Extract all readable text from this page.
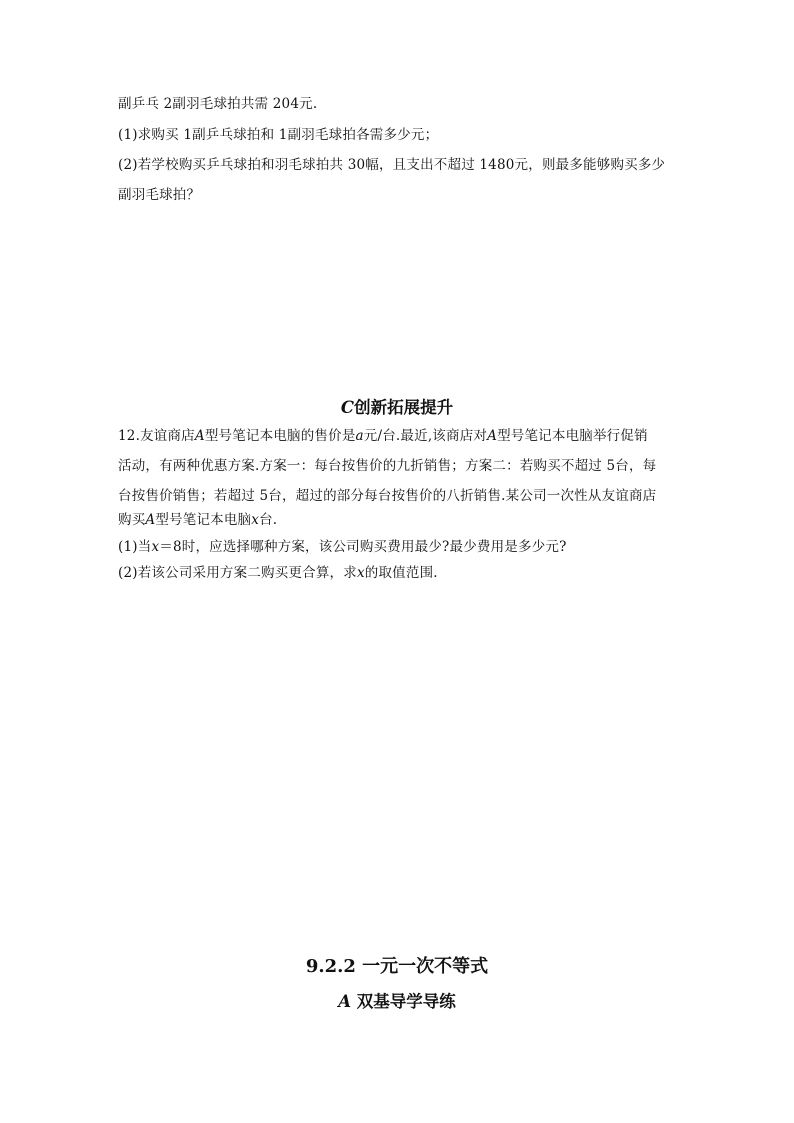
副乒乓 2副羽毛球拍共需 204元.
(1)求购买 1副乒乓球拍和 1副羽毛球拍各需多少元；
(2)若学校购买乒乓球拍和羽毛球拍共 30幅，且支出不超过 1480元，则最多能够购买多少
副羽毛球拍？
C创新拓展提升
12.友谊商店A型号笔记本电脑的售价是a元/台.最近,该商店对A型号笔记本电脑举行促销
活动，有两种优惠方案.方案一：每台按售价的九折销售；方案二：若购买不超过 5台，每
台按售价销售；若超过 5台，超过的部分每台按售价的八折销售.某公司一次性从友谊商店
购买A型号笔记本电脑x台.
(1)当x＝8时，应选择哪种方案，该公司购买费用最少?最少费用是多少元?
(2)若该公司采用方案二购买更合算，求x的取值范围.
9.2.2 一元一次不等式
A 双基导学导练
